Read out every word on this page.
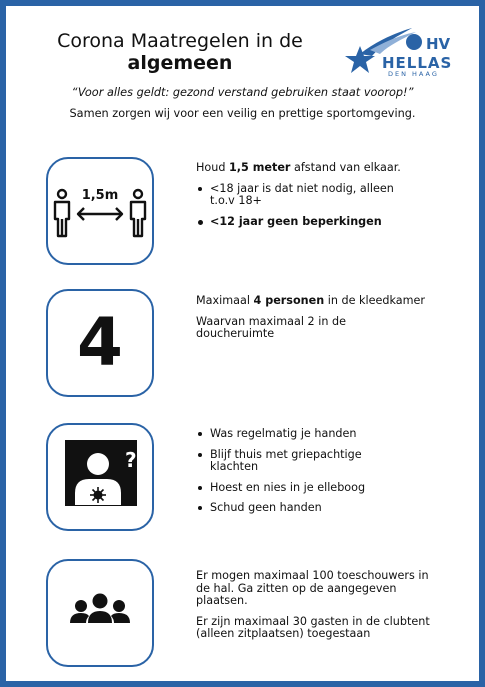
Corona Maatregelen in de
algemeen
HV
HELLAS
DEN HAAG
“Voor alles geldt: gezond verstand gebruiken staat voorop!”
Samen zorgen wij voor een veilig en prettige sportomgeving.
1,5m

Houd 1,5 meter afstand van elkaar.

<18 jaar is dat niet nodig, alleen t.o.v 18+
<12 jaar geen beperkingen
4

Maximaal 4 personen in de kleedkamer

Waarvan maximaal 2 in de doucheruimte

?
Was regelmatig je handen
Blijf thuis met griepachtige klachten
Hoest en nies in je elleboog
Schud geen handen

Er mogen maximaal 100 toeschouwers in de hal. Ga zitten op de aangegeven plaatsen.

Er zijn maximaal 30 gasten in de clubtent (alleen zitplaatsen) toegestaan
